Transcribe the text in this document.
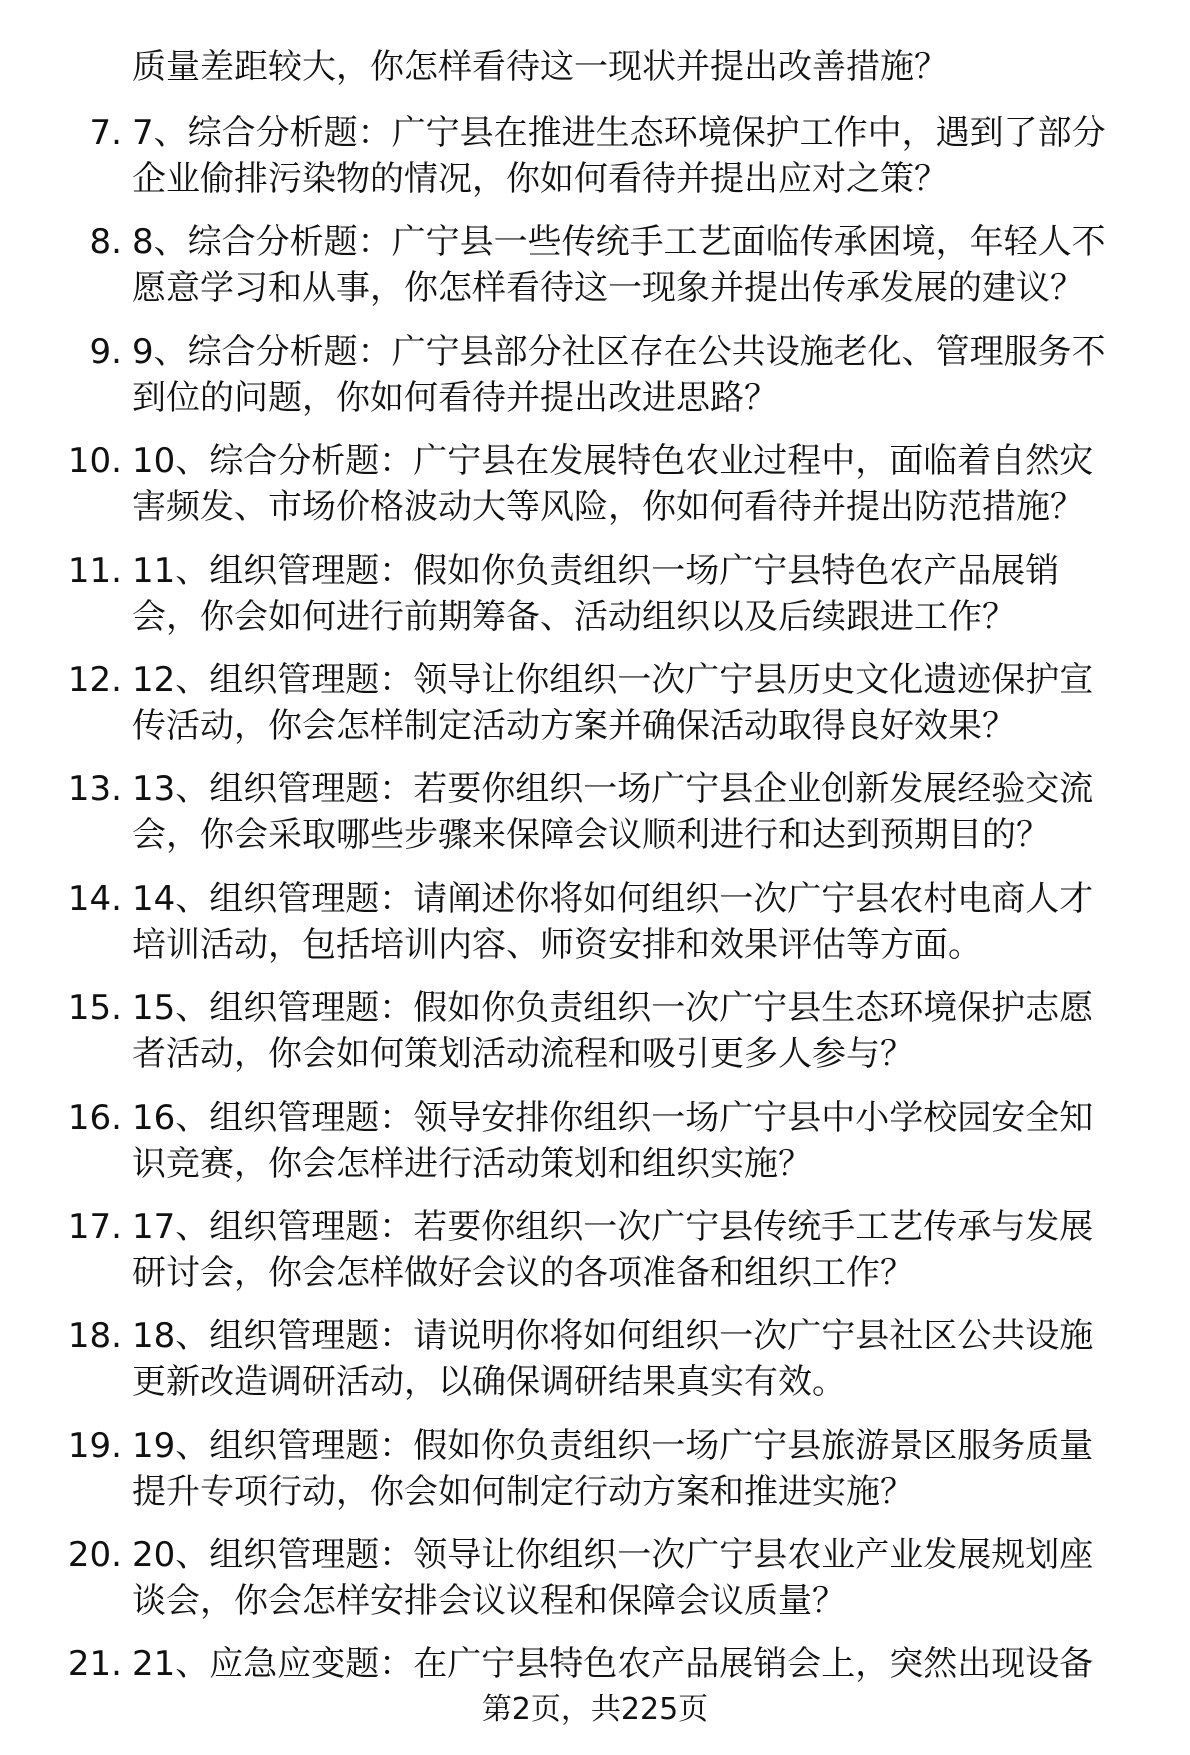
质量差距较大，你怎样看待这一现状并提出改善措施？
7. 7、综合分析题：广宁县在推进生态环境保护工作中，遇到了部分
企业偷排污染物的情况，你如何看待并提出应对之策？
8. 8、综合分析题：广宁县一些传统手工艺面临传承困境，年轻人不
愿意学习和从事，你怎样看待这一现象并提出传承发展的建议？
9. 9、综合分析题：广宁县部分社区存在公共设施老化、管理服务不
到位的问题，你如何看待并提出改进思路？
10. 10、综合分析题：广宁县在发展特色农业过程中，面临着自然灾
害频发、市场价格波动大等风险，你如何看待并提出防范措施？
11. 11、组织管理题：假如你负责组织一场广宁县特色农产品展销
会，你会如何进行前期筹备、活动组织以及后续跟进工作？
12. 12、组织管理题：领导让你组织一次广宁县历史文化遗迹保护宣
传活动，你会怎样制定活动方案并确保活动取得良好效果？
13. 13、组织管理题：若要你组织一场广宁县企业创新发展经验交流
会，你会采取哪些步骤来保障会议顺利进行和达到预期目的？
14. 14、组织管理题：请阐述你将如何组织一次广宁县农村电商人才
培训活动，包括培训内容、师资安排和效果评估等方面。
15. 15、组织管理题：假如你负责组织一次广宁县生态环境保护志愿
者活动，你会如何策划活动流程和吸引更多人参与？
16. 16、组织管理题：领导安排你组织一场广宁县中小学校园安全知
识竞赛，你会怎样进行活动策划和组织实施？
17. 17、组织管理题：若要你组织一次广宁县传统手工艺传承与发展
研讨会，你会怎样做好会议的各项准备和组织工作？
18. 18、组织管理题：请说明你将如何组织一次广宁县社区公共设施
更新改造调研活动，以确保调研结果真实有效。
19. 19、组织管理题：假如你负责组织一场广宁县旅游景区服务质量
提升专项行动，你会如何制定行动方案和推进实施？
20. 20、组织管理题：领导让你组织一次广宁县农业产业发展规划座
谈会，你会怎样安排会议议程和保障会议质量？
21. 21、应急应变题：在广宁县特色农产品展销会上，突然出现设备
第2页，共225页
